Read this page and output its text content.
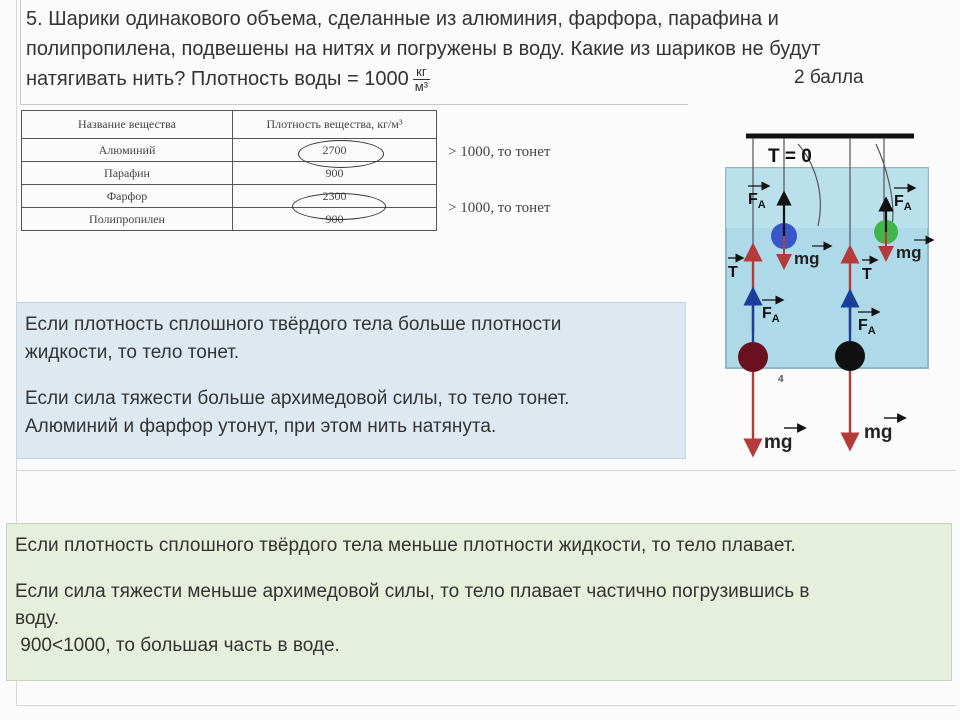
5. Шарики одинакового объема, сделанные из алюминия, фарфора, парафина и
полипропилена, подвешены на нитях и погружены в воду. Какие из шариков не будут
натягивать нить? Плотность воды = $1000 \frac{кг}{\text{м³}}$	2 балла
Название вещества	Плотность вещества, кг/м³
Алюминий	2700
Парафин	900
Фарфор	2300
Полипропилен	900
> 1000, то тонет
> 1000, то тонет

Если плотность сплошного твёрдого тела больше плотности

жидкости, то тело тонет.

Если сила тяжести больше архимедовой силы, то тело тонет.

Алюминий и фарфор утонут, при этом нить натянута.

Если плотность сплошного твёрдого тела меньше плотности жидкости, то тело плавает.

Если сила тяжести меньше архимедовой силы, то тело плавает частично погрузившись в

воду.

900<1000, то большая часть в воде.

T = 0
$F_A$	$F_A$
mg	mg
4
T	T
$F_A$	$F_A$
mg	mg
